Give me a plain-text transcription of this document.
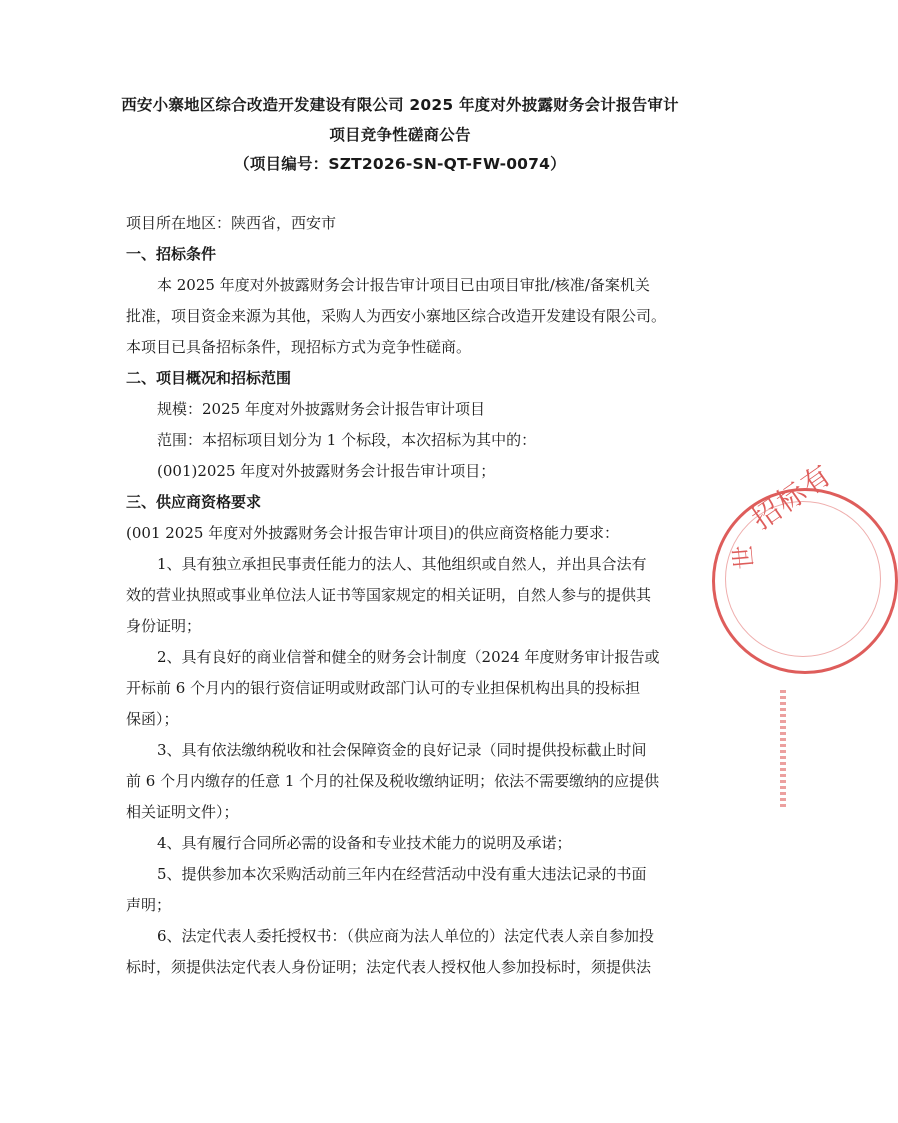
西安小寨地区综合改造开发建设有限公司 2025 年度对外披露财务会计报告审计
项目竞争性磋商公告
（项目编号：SZT2026-SN-QT-FW-0074）
项目所在地区：陕西省，西安市
一、招标条件
本 2025 年度对外披露财务会计报告审计项目已由项目审批/核准/备案机关
批准，项目资金来源为其他，采购人为西安小寨地区综合改造开发建设有限公司。
本项目已具备招标条件，现招标方式为竞争性磋商。
二、项目概况和招标范围
规模：2025 年度对外披露财务会计报告审计项目
范围：本招标项目划分为 1 个标段，本次招标为其中的：
(001)2025 年度对外披露财务会计报告审计项目；
三、供应商资格要求
(001 2025 年度对外披露财务会计报告审计项目)的供应商资格能力要求：
1、具有独立承担民事责任能力的法人、其他组织或自然人，并出具合法有
效的营业执照或事业单位法人证书等国家规定的相关证明，自然人参与的提供其
身份证明；
2、具有良好的商业信誉和健全的财务会计制度（2024 年度财务审计报告或
开标前 6 个月内的银行资信证明或财政部门认可的专业担保机构出具的投标担
保函）；
3、具有依法缴纳税收和社会保障资金的良好记录（同时提供投标截止时间
前 6 个月内缴存的任意 1 个月的社保及税收缴纳证明；依法不需要缴纳的应提供
相关证明文件）；
4、具有履行合同所必需的设备和专业技术能力的说明及承诺；
5、提供参加本次采购活动前三年内在经营活动中没有重大违法记录的书面
声明；
6、法定代表人委托授权书：（供应商为法人单位的）法定代表人亲自参加投
标时，须提供法定代表人身份证明；法定代表人授权他人参加投标时，须提供法
招标有
世
